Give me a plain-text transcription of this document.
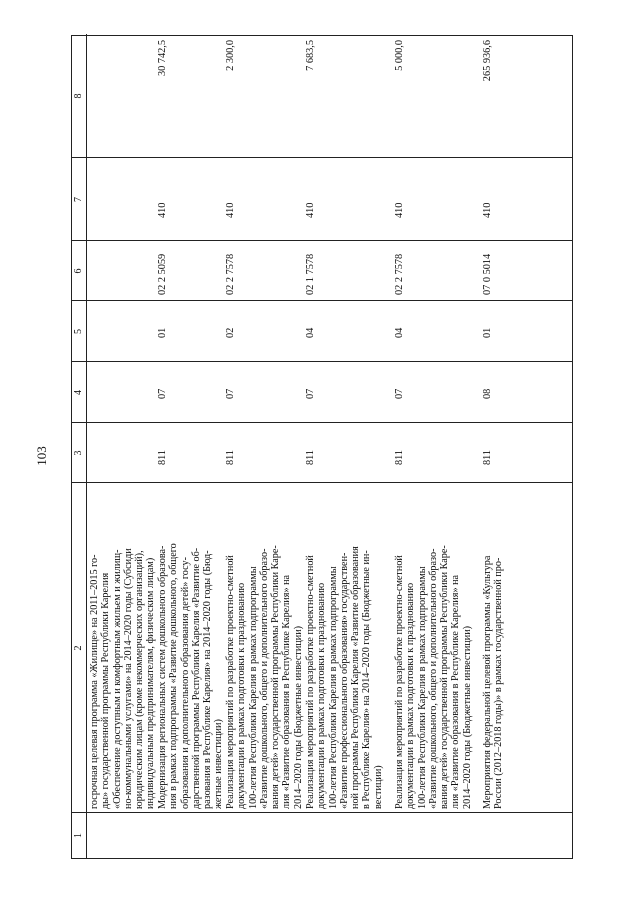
103
1
2
3
4
5
6
7
8
госрочная целевая программа «Жилище» на 2011–2015 го- ды» государственной программы Республики Карелия «Обеспечение доступным и комфортным жильем и жилищ- но-коммунальными услугами» на 2014–2020 годы (Субсиди юридическим лицам (кроме некоммерческих организаций), индивидуальным предпринимателям, физическим лицам) Модернизация региональных систем дошкольного образова- ния в рамках подпрограммы «Развитие дошкольного, общего образования и дополнительного образования детей» госу- дарственной программы Республики Карелия «Развитие об- разования в Республике Карелия» на 2014–2020 годы (Бюд- жетные инвестиции)
811
07
01
02 2 5059
410
30 742,5
Реализация мероприятий по разработке проектно-сметной документации в рамках подготовки к празднованию 100-летия Республики Карелия в рамках подпрограммы «Развитие дошкольного, общего и дополнительного образо- вания детей» государственной программы Республики Каре- лия «Развитие образования в Республике Карелия» на 2014–2020 годы (Бюджетные инвестиции)
811
07
02
02 2 7578
410
2 300,0
Реализация мероприятий по разработке проектно-сметной документации в рамках подготовки к празднованию 100-летия Республики Карелия в рамках подпрограммы «Развитие профессионального образования» государствен- ной программы Республики Карелия «Развитие образования в Республике Карелия» на 2014–2020 годы (Бюджетные ин- вестиции)
811
07
04
02 1 7578
410
7 683,5
Реализация мероприятий по разработке проектно-сметной документации в рамках подготовки к празднованию 100-летия Республики Карелия в рамках подпрограммы «Развитие дошкольного, общего и дополнительного образо- вания детей» государственной программы Республики Каре- лия «Развитие образования в Республике Карелия» на 2014–2020 годы (Бюджетные инвестиции)
811
07
04
02 2 7578
410
5 000,0
Мероприятия федеральной целевой программы «Культура России (2012–2018 годы)» в рамках государственной про-
811
08
01
07 0 5014
410
265 936,6
